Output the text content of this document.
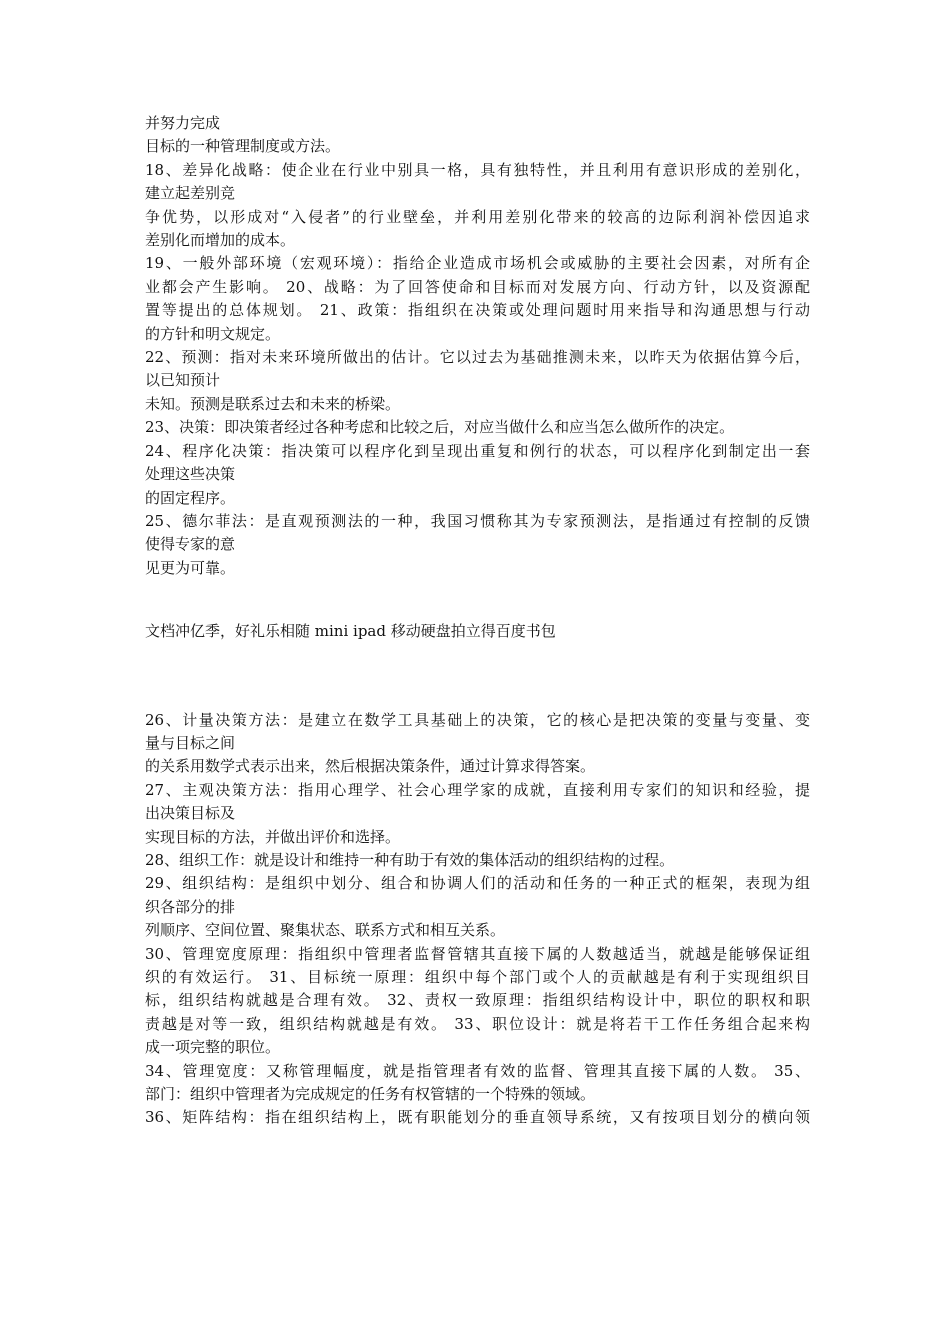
并努力完成
目标的一种管理制度或方法。
18、差异化战略：使企业在行业中别具一格，具有独特性，并且利用有意识形成的差别化，
建立起差别竞
争优势，以形成对“入侵者”的行业壁垒，并利用差别化带来的较高的边际利润补偿因追求
差别化而增加的成本。
19、一般外部环境（宏观环境）：指给企业造成市场机会或威胁的主要社会因素，对所有企
业都会产生影响。 20、战略：为了回答使命和目标而对发展方向、行动方针，以及资源配
置等提出的总体规划。 21、政策：指组织在决策或处理问题时用来指导和沟通思想与行动
的方针和明文规定。
22、预测：指对未来环境所做出的估计。它以过去为基础推测未来，以昨天为依据估算今后，
以已知预计
未知。预测是联系过去和未来的桥梁。
23、决策：即决策者经过各种考虑和比较之后，对应当做什么和应当怎么做所作的决定。
24、程序化决策：指决策可以程序化到呈现出重复和例行的状态，可以程序化到制定出一套
处理这些决策
的固定程序。
25、德尔菲法：是直观预测法的一种，我国习惯称其为专家预测法，是指通过有控制的反馈
使得专家的意
见更为可靠。
文档冲亿季，好礼乐相随 mini ipad 移动硬盘拍立得百度书包
26、计量决策方法：是建立在数学工具基础上的决策，它的核心是把决策的变量与变量、变
量与目标之间
的关系用数学式表示出来，然后根据决策条件，通过计算求得答案。
27、主观决策方法：指用心理学、社会心理学家的成就，直接利用专家们的知识和经验，提
出决策目标及
实现目标的方法，并做出评价和选择。
28、组织工作：就是设计和维持一种有助于有效的集体活动的组织结构的过程。
29、组织结构：是组织中划分、组合和协调人们的活动和任务的一种正式的框架，表现为组
织各部分的排
列顺序、空间位置、聚集状态、联系方式和相互关系。
30、管理宽度原理：指组织中管理者监督管辖其直接下属的人数越适当，就越是能够保证组
织的有效运行。 31、目标统一原理：组织中每个部门或个人的贡献越是有利于实现组织目
标，组织结构就越是合理有效。 32、责权一致原理：指组织结构设计中，职位的职权和职
责越是对等一致，组织结构就越是有效。 33、职位设计：就是将若干工作任务组合起来构
成一项完整的职位。
34、管理宽度：又称管理幅度，就是指管理者有效的监督、管理其直接下属的人数。 35、
部门：组织中管理者为完成规定的任务有权管辖的一个特殊的领域。
36、矩阵结构：指在组织结构上，既有职能划分的垂直领导系统，又有按项目划分的横向领
